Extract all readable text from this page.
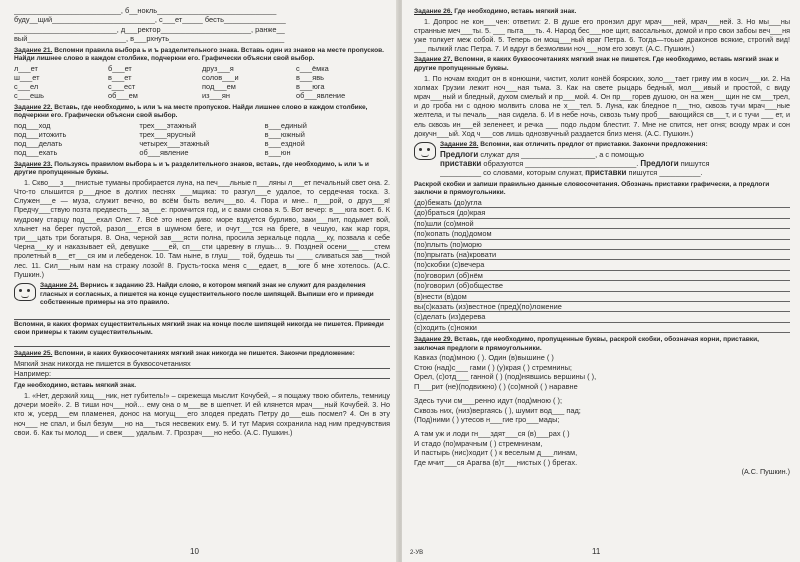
__________________________, б__нокль_____________________________
буду__щий_________________________, с___ет_____ бесть_______________
_________________________, д___ректор______________________, ранже__
вый________________________, в___рхнуть____________________________
Задание 21. Вспомни правила выбора ь и ъ разделительного знака. Вставь один из знаков на месте пропусков. Найди лишнее слово в каждом столбике, подчеркни его. Графически объясни свой выбор.
л___ет	б___ет	друз___я	с___ёмка
ш___ет	в___ет	солов___и	в___явь
с___ел	с___ест	под___ем	в___юга
с___ешь	об___ем	из___ян	об___явление
Задание 22. Вставь, где необходимо, ь или ъ на месте пропусков. Найди лишнее слово в каждом столбике, подчеркни его. Графически объясни свой выбор.
под___ход	трех___этажный	в___единый
под___итожить	трех___ярусный	в___южный
под___делать	четырех___этажный	в___ездной
под___ехать	об___явление	в___юн
Задание 23. Пользуясь правилом выбора ь и ъ разделительного знаков, вставь, где необходимо, ь или ъ и другие пропущенные буквы.
1. Скво___з___пнистые туманы пробирается луна, на печ___льные п___ляны л___ет печальный свет она. 2. Что-то слышится р___дное в долгих песнях ___мщика: то разгул___е удалое, то сердечная тоска. 3. Служен___е — муза, служит вечно, во всём быть велич___во. 4. Пора и мне.. п___рой, о друз___я! Предчу___ствую позта предвесть___ за___е: промчится год, и с вами снова я. 5. Вот вечер: в___юга воет. 6. К мудрому старцу под___ехал Олег. 7. Всё это ноев диво: море вздуется бурливо, заки___пит, подымет вой, хлынет на берег пустой, разол___ется в шумном беге, и очут___тся на бреге, в чешую, как жар горя, три___цать три богатыря. 8. Она, черной зав___ясти полна, просила зеркальце подла___ку, позвала к себе Черна___ку и наказывает ей, девушке ____ей, сп___сти царевну в глушь… 9. Поздней осени___ ___стем пролетный в___ет___ся им и лебеденок. 10. Там ныне, в глуш___ той, будешь ты ____ сливаться зав___тной лес. 11. Сил___ным нам на стражу лозой! 8. Грусть-тоска меня с___едает, в___юге б мне хотелось. (А.С. Пушкин.)
Задание 24. Вернись к заданию 23. Найди слово, в котором мягкий знак не служит для разделения гласных и согласных, а пишется на конце существительного после шипящей. Выпиши его и приведи собственные примеры на это правило.
Вспомни, в каких формах существительных мягкий знак на конце после шипящей никогда не пишется. Приведи свои примеры к таким существительным.
Задание 25. Вспомни, в каких буквосочетаниях мягкий знак никогда не пишется. Закончи предложение:
Мягкий знак никогда не пишется в буквосочетаниях
Например:
Где необходимо, вставь мягкий знак.
1. «Нет, дерзкий хищ___ник, нет губитель!» – скрежеща мыслит Кочубей, – я пощажу твою обитель, темницу дочери моей». 2. В тиши ноч___ной… ему она о м___ве в шепчет. И ей клянется мрач___ный Кочубей. 3. Но кто ж, усерд___ем пламенея, донос на могущ___его злодея предать Петру до___ешь посмел? 4. Он в эту ноч___ не спал, и был безум___но на___ться несвежих ему. 5. И тут Мария сохранила над ним предчувствия свои. 6. Как ты молод___ и свеж___ удалым. 7. Прозрач___но небо. (А.С. Пушкин.)
10
Задание 26. Где необходимо, вставь мягкий знак.
1. Допрос не кон___чен: ответил: 2. В душе его пронзил друг мрач___ней, мрач___ней. 3. Но мы___ны странные меч___ты. 5. ___ пыта___ть. 4. Народ бес___ное щит, вассальных, домой и про свои забоы веч___ня уже толкует меж собой. 5. Теперь он мощ___ный враг Петра. 6. Тогда—тоьые драконов всякие, строгий вид! ___ пылкий глас Петра. 7. И вдруг в безмолвии ноч___ном его зовут. (А.С. Пушкин.)
Задание 27. Вспомни, в каких буквосочетаниях мягкий знак не пишется. Где необходимо, вставь мягкий знак и другие пропущенные буквы.
1. По ночам входит он в конюшни, чистит, холит конёй боярских, золо___тает гриву им в косич___ки. 2. На холмах Грузии лежит ноч___ная тьма. 3. Как на свете рыцарь бедный, мол___ивый и простой, с виду мрач___ный и бледный, духом смелый и пр___мой. 4. Он пр___горев душою, он на жен___щин не см___трел, и до гроба ни с одною молвить слова не х___тел. 5. Луна, как бледное п___тно, сквозь тучи мрач___ные желтела, и ты печаль___ная сидела. 6. И в небе ночь, сквозь тьму проб___вающийся св___т, и с тучи ___ ет, и ель сквозь ин___ей зеленеет, и речка ___ подо льдом блестит. 7. Мне не спится, нет огня; всюду мрак и сон докучн___ый. Ход ч___сов лишь однозвучный раздается близ меня. (А.С. Пушкин.)
Задание 28. Вспомни, как отличить предлог от приставки. Закончи предложения:
Предлоги служат для __________________, а с помощью
приставки образуются ___________________________. Предлоги пишутся
__________ со словами, которым служат, приставки пишутся __________.
Раскрой скобки и запиши правильно данные словосочетания. Обозначь приставки графически, а предлоги заключи в прямоугольники.
(до)бежать (до)угла
(до)браться (до)края
(по)шли (со)мной
(по)копать (под)домом
(по)плыть (по)морю
(по)прыгать (на)кровати
(по)скобки (с)вечера
(по)говорил (об)нём
(по)говорил (об)обществе
(в)нести (в)дом
вы(с)казать (из)вестное (пред)(по)ложение
(с)делать (из)дерева
(с)ходить (с)ножки
Задание 29. Вставь, где необходимо, пропущенные буквы, раскрой скобки, обозначая корни, приставки, заключая предлоги в прямоугольники.
Кавказ (под)мною ( ). Один (в)вышине ( )
Стою (над)с___ гами ( ) (у)края ( ) стремнины;
Орел, (с)отд___ ганной ( ) (под)нявшись вершины ( ),
П___рит (не)(подвижно) ( ) (со)мной ( ) наравне
Здесь тучи см___ренно идут (под)мною ( );
Сквозь них, (низ)вергаясь ( ), шумит вод___ пад;
(Под)ними ( ) утесов н___гие гро___мады;
А там уж и лоди гн___здят___ся (в)___рах ( )
И стадо (по)мрачным ( ) стремнинам,
И пастырь (нис)ходит ( ) к веселым д___линам,
Где мчит___ся Арагва (в)т___нистых ( ) брегах.
(А.С. Пушкин.)
2-УВ	11
